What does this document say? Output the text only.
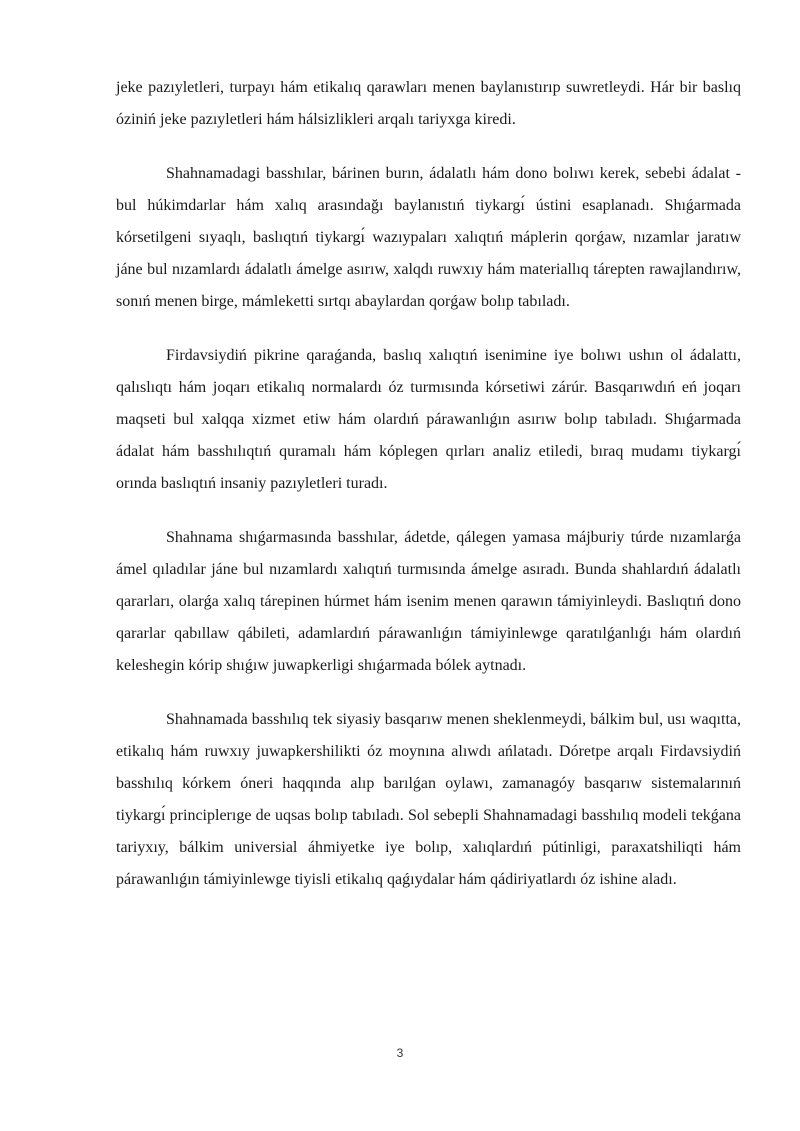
jeke pazıyletleri, turpayı hám etikalıq qarawları menen baylanıstırıp suwretleydi. Hár bir baslıq óziniń jeke pazıyletleri hám hálsizlikleri arqalı tariyxga kiredi.

Shahnamadagi basshılar, bárinen burın, ádalatlı hám dono bolıwı kerek, sebebi ádalat - bul húkimdarlar hám xalıq arasındağı baylanıstıń tiykargı́ ústini esaplanadı. Shıǵarmada kórsetilgeni sıyaqlı, baslıqtıń tiykargı́ wazıypaları xalıqtıń máplerin qorǵaw, nızamlar jaratıw jáne bul nızamlardı ádalatlı ámelge asırıw, xalqdı ruwxıy hám materiallıq tárepten rawajlandırıw, sonıń menen birge, mámleketti sırtqı abaylardan qorǵaw bolıp tabıladı.

Firdavsiydiń pikrine qaraǵanda, baslıq xalıqtıń isenimine iye bolıwı ushın ol ádalattı, qalıslıqtı hám joqarı etikalıq normalardı óz turmısında kórsetiwi zárúr. Basqarıwdıń eń joqarı maqseti bul xalqqa xizmet etiw hám olardıń párawanlıǵın asırıw bolıp tabıladı. Shıǵarmada ádalat hám basshılıqtıń quramalı hám kóplegen qırları analiz etiledi, bıraq mudamı tiykargı́ orında baslıqtıń insaniy pazıyletleri turadı.

Shahnama shıǵarmasında basshılar, ádetde, qálegen yamasa májburiy túrde nızamlarǵa ámel qıladılar jáne bul nızamlardı xalıqtıń turmısında ámelge asıradı. Bunda shahlardıń ádalatlı qararları, olarǵa xalıq tárepinen húrmet hám isenim menen qarawın támiyinleydi. Baslıqtıń dono qararlar qabıllaw qábileti, adamlardıń párawanlıǵın támiyinlewge qaratılǵanlıǵı hám olardıń keleshegin kórip shıǵıw juwapkerligi shıǵarmada bólek aytnadı.

Shahnamada basshılıq tek siyasiy basqarıw menen sheklenmeydi, bálkim bul, usı waqıtta, etikalıq hám ruwxıy juwapkershilikti óz moynına alıwdı ańlatadı. Dóretpe arqalı Firdavsiydiń basshılıq kórkem óneri haqqında alıp barılǵan oylawı, zamanagóy basqarıw sistemalarınıń tiykargı́ principlerıge de uqsas bolıp tabıladı. Sol sebepli Shahnamadagi basshılıq modeli tekǵana tariyxıy, bálkim universial áhmiyetke iye bolıp, xalıqlardıń pútinligi, paraxatshiliqti hám párawanlıǵın támiyinlewge tiyisli etikalıq qaǵıydalar hám qádiriyatlardı óz ishine aladı.

3
